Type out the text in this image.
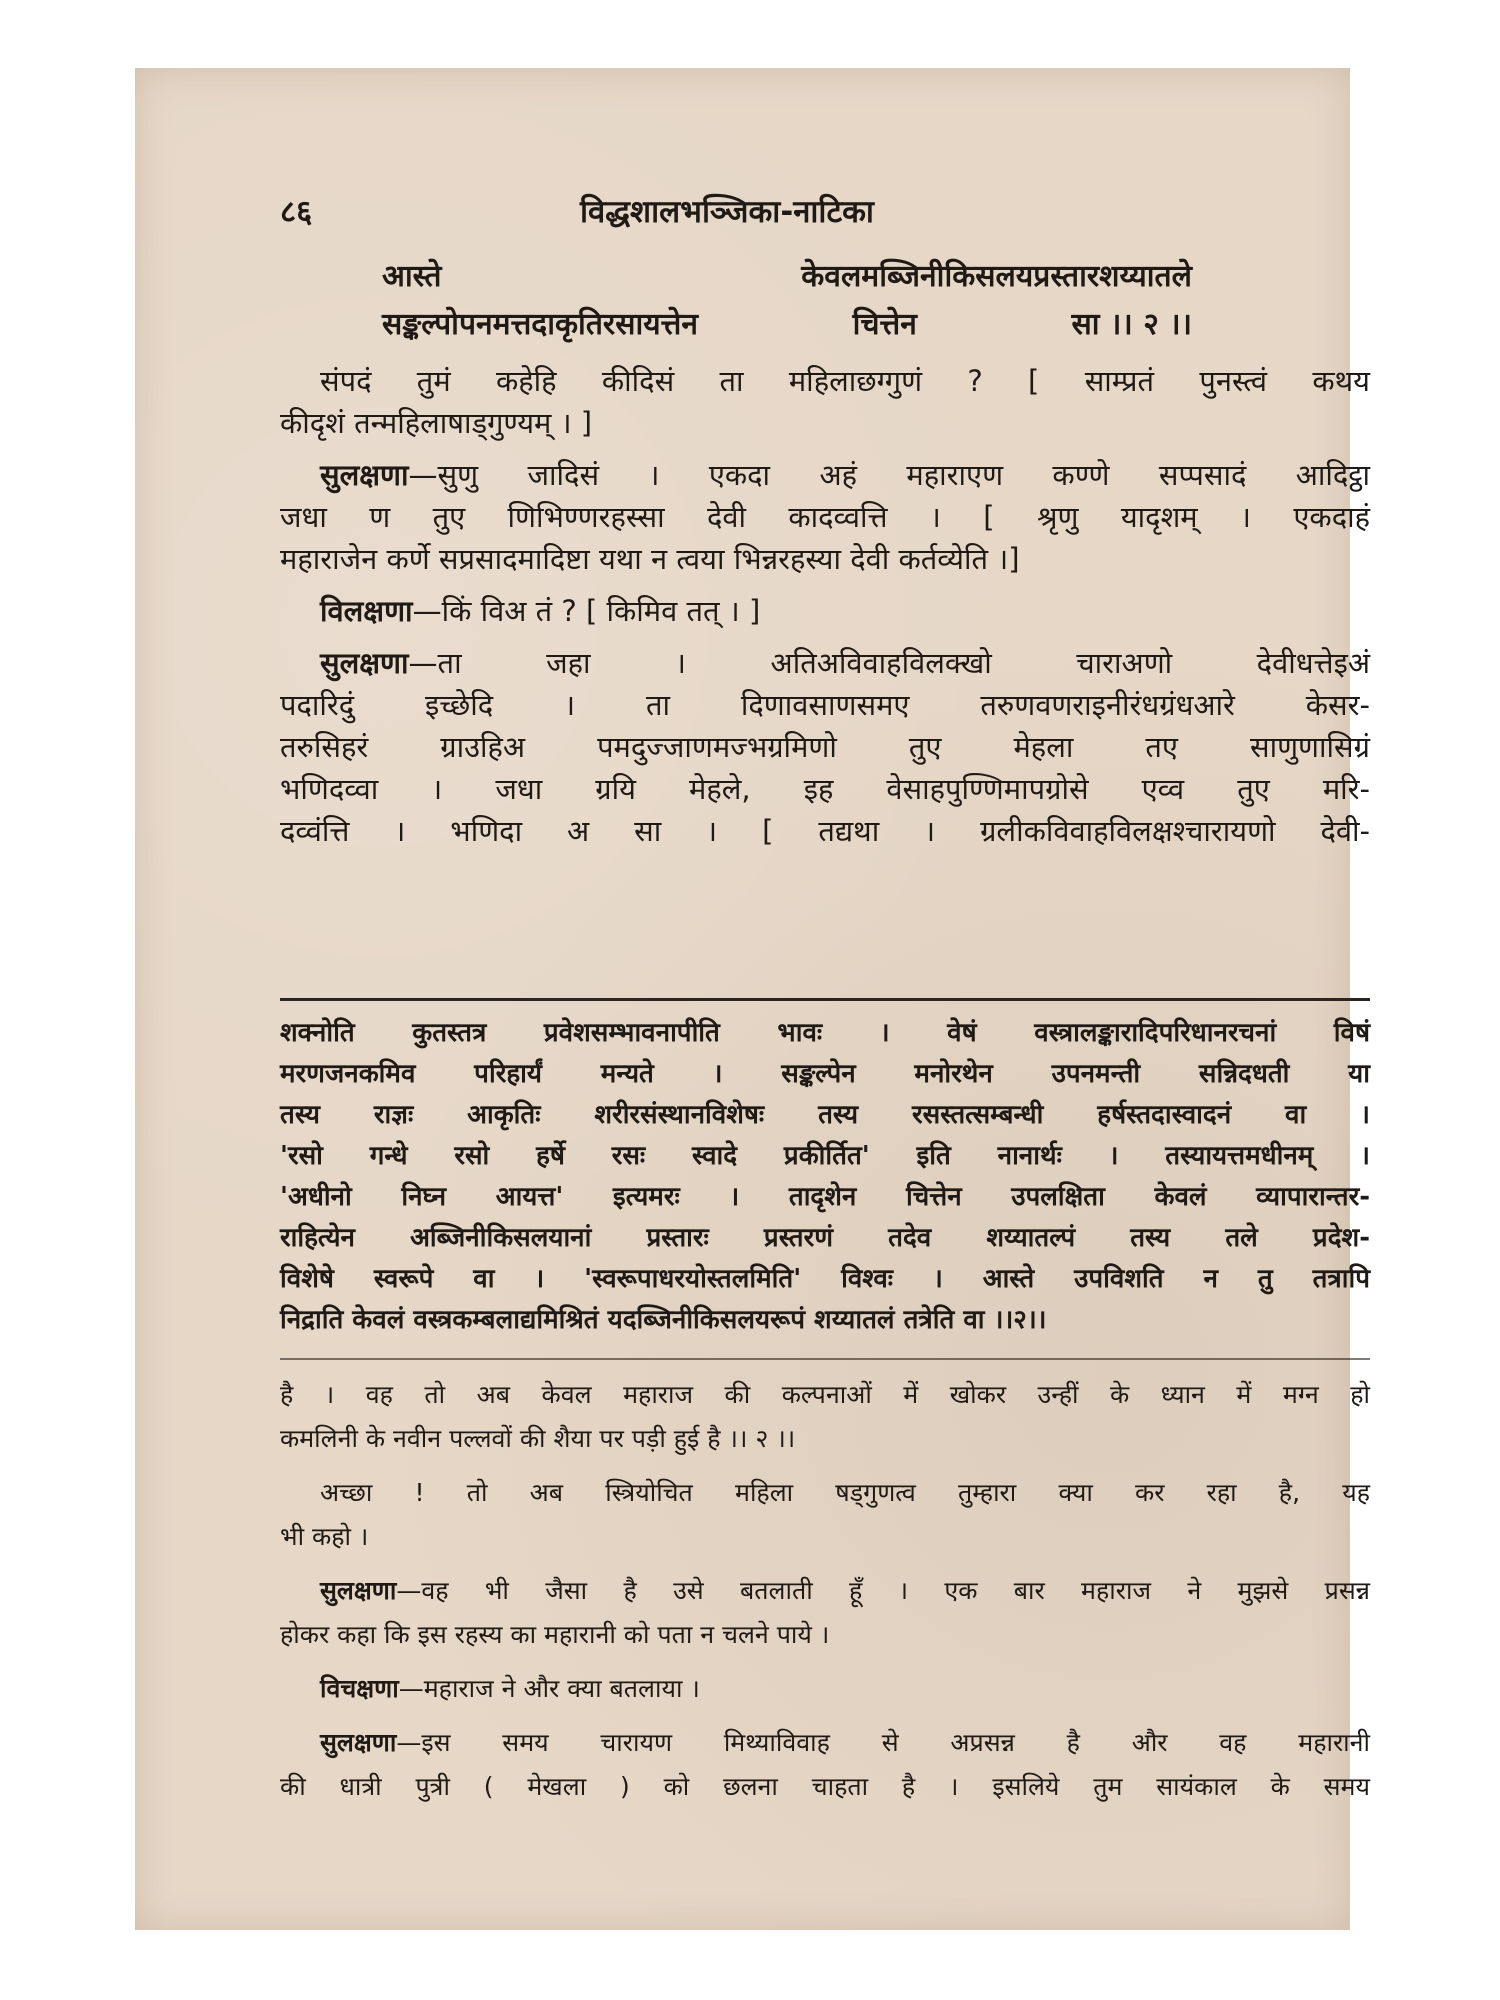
८६	विद्धशालभञ्जिका-नाटिका
आस्ते	केवलमब्जिनीकिसलयप्रस्तारशय्यातले
सङ्कल्पोपनमत्तदाकृतिरसायत्तेन	चित्तेन	सा ।। २ ।।
संपदं तुमं कहेहि कीदिसं ता महिलाछग्गुणं ? [ साम्प्रतं पुनस्त्वं कथय
कीदृशं तन्महिलाषाड्गुण्यम् । ]
सुलक्षणा—सुणु जादिसं । एकदा अहं महाराएण कण्णे सप्पसादं आदिट्ठा
जधा ण तुए णिभिण्णरहस्सा देवी कादव्वत्ति । [ श्रृणु यादृशम् । एकदाहं
महाराजेन कर्णे सप्रसादमादिष्टा यथा न त्वया भिन्नरहस्या देवी कर्तव्येति ।]
विलक्षणा—किं विअ तं ? [ किमिव तत् । ]
सुलक्षणा—ता जहा । अतिअविवाहविलक्खो चाराअणो देवीधत्तेइअं
पदारिदुं इच्छेदि । ता दिणावसाणसमए तरुणवणराइनीरंधग्रंधआरे केसर-
तरुसिहरं ग्राउहिअ पमदुज्जाणमज्भग्रमिणो तुए मेहला तए साणुणासिग्रं
भणिदव्वा । जधा ग्रयि मेहले, इह वेसाहपुण्णिमापग्रोसे एव्व तुए मरि-
दव्वंत्ति । भणिदा अ सा । [ तद्यथा । ग्रलीकविवाहविलक्षश्चारायणो देवी-
शक्नोति कुतस्तत्र प्रवेशसम्भावनापीति भावः । वेषं वस्त्रालङ्कारादिपरिधानरचनां विषं
मरणजनकमिव परिहार्यं मन्यते । सङ्कल्पेन मनोरथेन उपनमन्ती सन्निदधती या
तस्य राज्ञः आकृतिः शरीरसंस्थानविशेषः तस्य रसस्तत्सम्बन्धी हर्षस्तदास्वादनं वा ।
'रसो गन्धे रसो हर्षे रसः स्वादे प्रकीर्तित' इति नानार्थः । तस्यायत्तमधीनम् ।
'अधीनो निघ्न आयत्त' इत्यमरः । तादृशेन चित्तेन उपलक्षिता केवलं व्यापारान्तर-
राहित्येन अब्जिनीकिसलयानां प्रस्तारः प्रस्तरणं तदेव शय्यातल्पं तस्य तले प्रदेश-
विशेषे स्वरूपे वा । 'स्वरूपाधरयोस्तलमिति' विश्वः । आस्ते उपविशति न तु तत्रापि
निद्राति केवलं वस्त्रकम्बलाद्यमिश्रितं यदब्जिनीकिसलयरूपं शय्यातलं तत्रेति वा ।।२।।
है । वह तो अब केवल महाराज की कल्पनाओं में खोकर उन्हीं के ध्यान में मग्न हो
कमलिनी के नवीन पल्लवों की शैया पर पड़ी हुई है ।। २ ।।
अच्छा ! तो अब स्त्रियोचित महिला षड्गुणत्व तुम्हारा क्या कर रहा है, यह
भी कहो ।
सुलक्षणा—वह भी जैसा है उसे बतलाती हूँ । एक बार महाराज ने मुझसे प्रसन्न
होकर कहा कि इस रहस्य का महारानी को पता न चलने पाये ।
विचक्षणा—महाराज ने और क्या बतलाया ।
सुलक्षणा—इस समय चारायण मिथ्याविवाह से अप्रसन्न है और वह महारानी
की धात्री पुत्री ( मेखला ) को छलना चाहता है । इसलिये तुम सायंकाल के समय
